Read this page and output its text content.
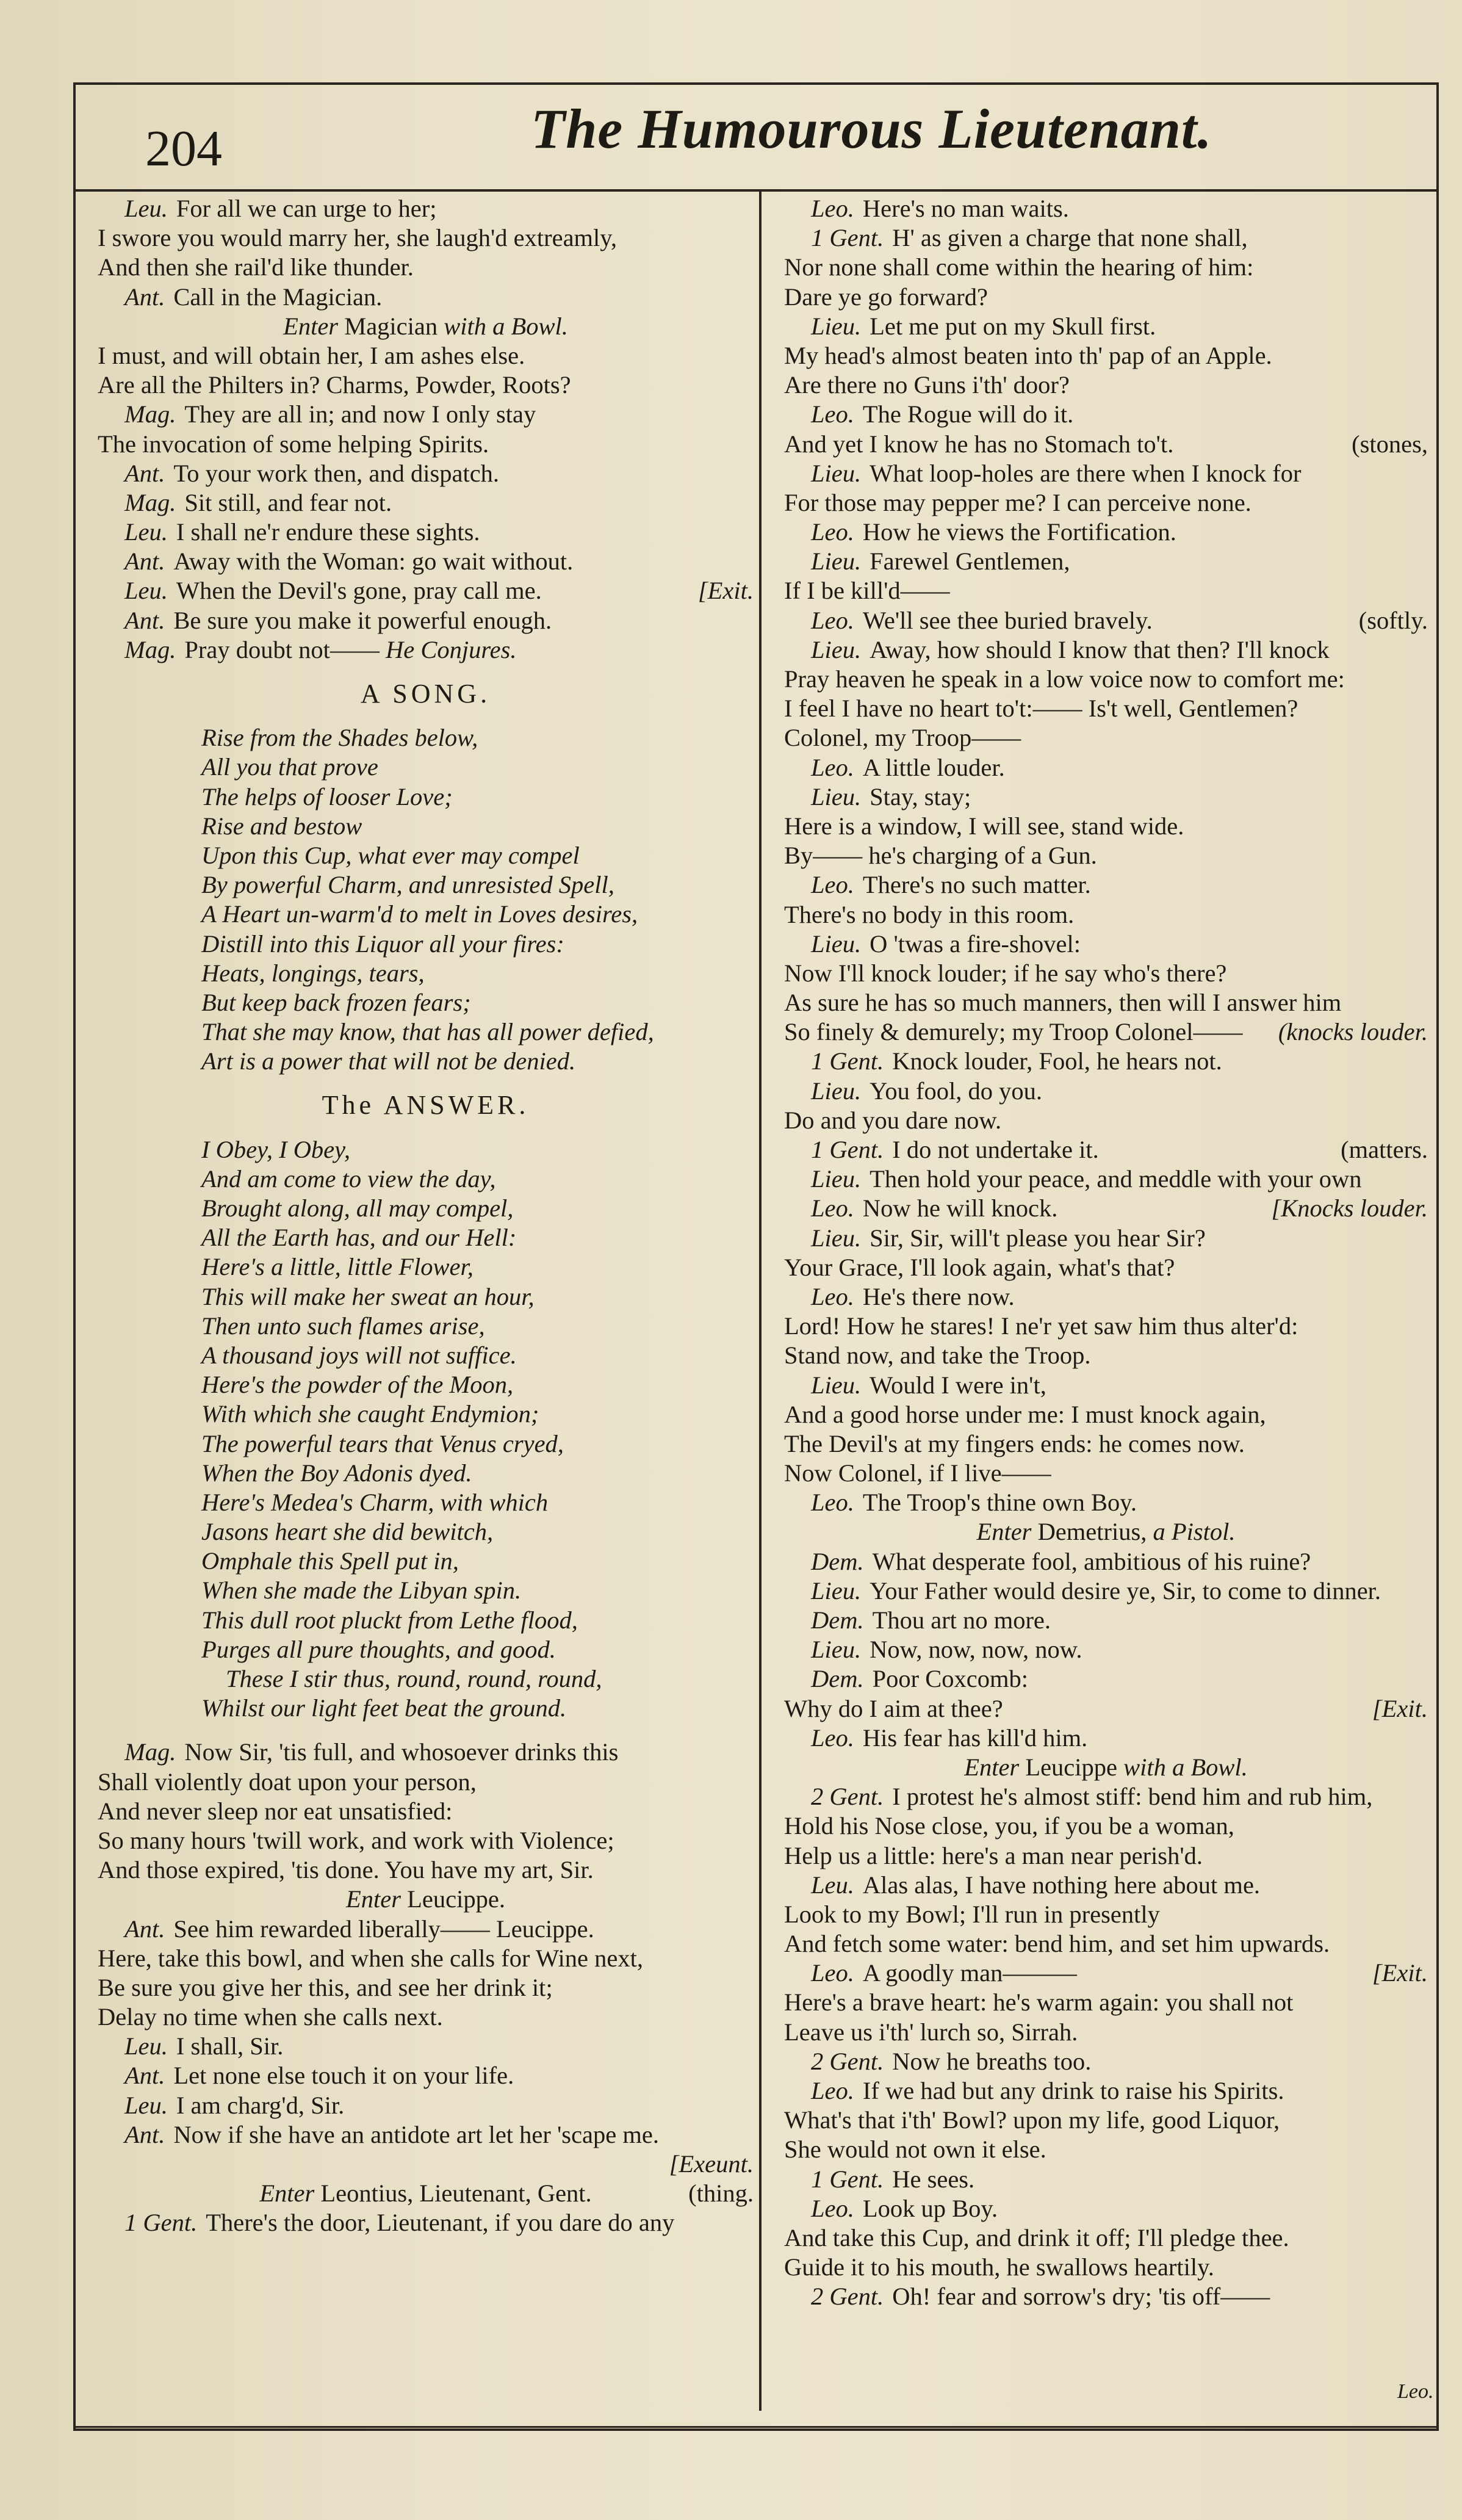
204	The Humourous Lieutenant.
Leu. For all we can urge to her;
I swore you would marry her, she laugh'd extreamly,
And then she rail'd like thunder.
Ant. Call in the Magician.
Enter Magician with a Bowl.
I must, and will obtain her, I am ashes else.
Are all the Philters in? Charms, Powder, Roots?
Mag. They are all in; and now I only stay
The invocation of some helping Spirits.
Ant. To your work then, and dispatch.
Mag. Sit still, and fear not.
Leu. I shall ne'r endure these sights.
Ant. Away with the Woman: go wait without.
Leu. When the Devil's gone, pray call me.	[Exit.
Ant. Be sure you make it powerful enough.
Mag. Pray doubt not—— He Conjures.
A SONG.
Rise from the Shades below,
All you that prove
The helps of looser Love;
Rise and bestow
Upon this Cup, what ever may compel
By powerful Charm, and unresisted Spell,
A Heart un-warm'd to melt in Loves desires,
Distill into this Liquor all your fires:
Heats, longings, tears,
But keep back frozen fears;
That she may know, that has all power defied,
Art is a power that will not be denied.
The ANSWER.
I Obey, I Obey,
And am come to view the day,
Brought along, all may compel,
All the Earth has, and our Hell:
Here's a little, little Flower,
This will make her sweat an hour,
Then unto such flames arise,
A thousand joys will not suffice.
Here's the powder of the Moon,
With which she caught Endymion;
The powerful tears that Venus cryed,
When the Boy Adonis dyed.
Here's Medea's Charm, with which
Jasons heart she did bewitch,
Omphale this Spell put in,
When she made the Libyan spin.
This dull root pluckt from Lethe flood,
Purges all pure thoughts, and good.
These I stir thus, round, round, round,
Whilst our light feet beat the ground.
Mag. Now Sir, 'tis full, and whosoever drinks this
Shall violently doat upon your person,
And never sleep nor eat unsatisfied:
So many hours 'twill work, and work with Violence;
And those expired, 'tis done. You have my art, Sir.
Enter Leucippe.
Ant. See him rewarded liberally—— Leucippe.
Here, take this bowl, and when she calls for Wine next,
Be sure you give her this, and see her drink it;
Delay no time when she calls next.
Leu. I shall, Sir.
Ant. Let none else touch it on your life.
Leu. I am charg'd, Sir.
Ant. Now if she have an antidote art let her 'scape me.
[Exeunt.
Enter Leontius, Lieutenant, Gent.	(thing.
1 Gent. There's the door, Lieutenant, if you dare do any
Leo. Here's no man waits.
1 Gent. H' as given a charge that none shall,
Nor none shall come within the hearing of him:
Dare ye go forward?
Lieu. Let me put on my Skull first.
My head's almost beaten into th' pap of an Apple.
Are there no Guns i'th' door?
Leo. The Rogue will do it.
And yet I know he has no Stomach to't.	(stones,
Lieu. What loop-holes are there when I knock for
For those may pepper me? I can perceive none.
Leo. How he views the Fortification.
Lieu. Farewel Gentlemen,
If I be kill'd——
Leo. We'll see thee buried bravely.	(softly.
Lieu. Away, how should I know that then? I'll knock
Pray heaven he speak in a low voice now to comfort me:
I feel I have no heart to't:—— Is't well, Gentlemen?
Colonel, my Troop——
Leo. A little louder.
Lieu. Stay, stay;
Here is a window, I will see, stand wide.
By—— he's charging of a Gun.
Leo. There's no such matter.
There's no body in this room.
Lieu. O 'twas a fire-shovel:
Now I'll knock louder; if he say who's there?
As sure he has so much manners, then will I answer him
So finely & demurely; my Troop Colonel—— (knocks louder.
1 Gent. Knock louder, Fool, he hears not.
Lieu. You fool, do you.
Do and you dare now.
1 Gent. I do not undertake it.	(matters.
Lieu. Then hold your peace, and meddle with your own
Leo. Now he will knock.	[Knocks louder.
Lieu. Sir, Sir, will't please you hear Sir?
Your Grace, I'll look again, what's that?
Leo. He's there now.
Lord! How he stares! I ne'r yet saw him thus alter'd:
Stand now, and take the Troop.
Lieu. Would I were in't,
And a good horse under me: I must knock again,
The Devil's at my fingers ends: he comes now.
Now Colonel, if I live——
Leo. The Troop's thine own Boy.
Enter Demetrius, a Pistol.
Dem. What desperate fool, ambitious of his ruine?
Lieu. Your Father would desire ye, Sir, to come to dinner.
Dem. Thou art no more.
Lieu. Now, now, now, now.
Dem. Poor Coxcomb:
Why do I aim at thee?	[Exit.
Leo. His fear has kill'd him.
Enter Leucippe with a Bowl.
2 Gent. I protest he's almost stiff: bend him and rub him,
Hold his Nose close, you, if you be a woman,
Help us a little: here's a man near perish'd.
Leu. Alas alas, I have nothing here about me.
Look to my Bowl; I'll run in presently
And fetch some water: bend him, and set him upwards.
Leo. A goodly man———	[Exit.
Here's a brave heart: he's warm again: you shall not
Leave us i'th' lurch so, Sirrah.
2 Gent. Now he breaths too.
Leo. If we had but any drink to raise his Spirits.
What's that i'th' Bowl? upon my life, good Liquor,
She would not own it else.
1 Gent. He sees.
Leo. Look up Boy.
And take this Cup, and drink it off; I'll pledge thee.
Guide it to his mouth, he swallows heartily.
2 Gent. Oh! fear and sorrow's dry; 'tis off——
Leo.
